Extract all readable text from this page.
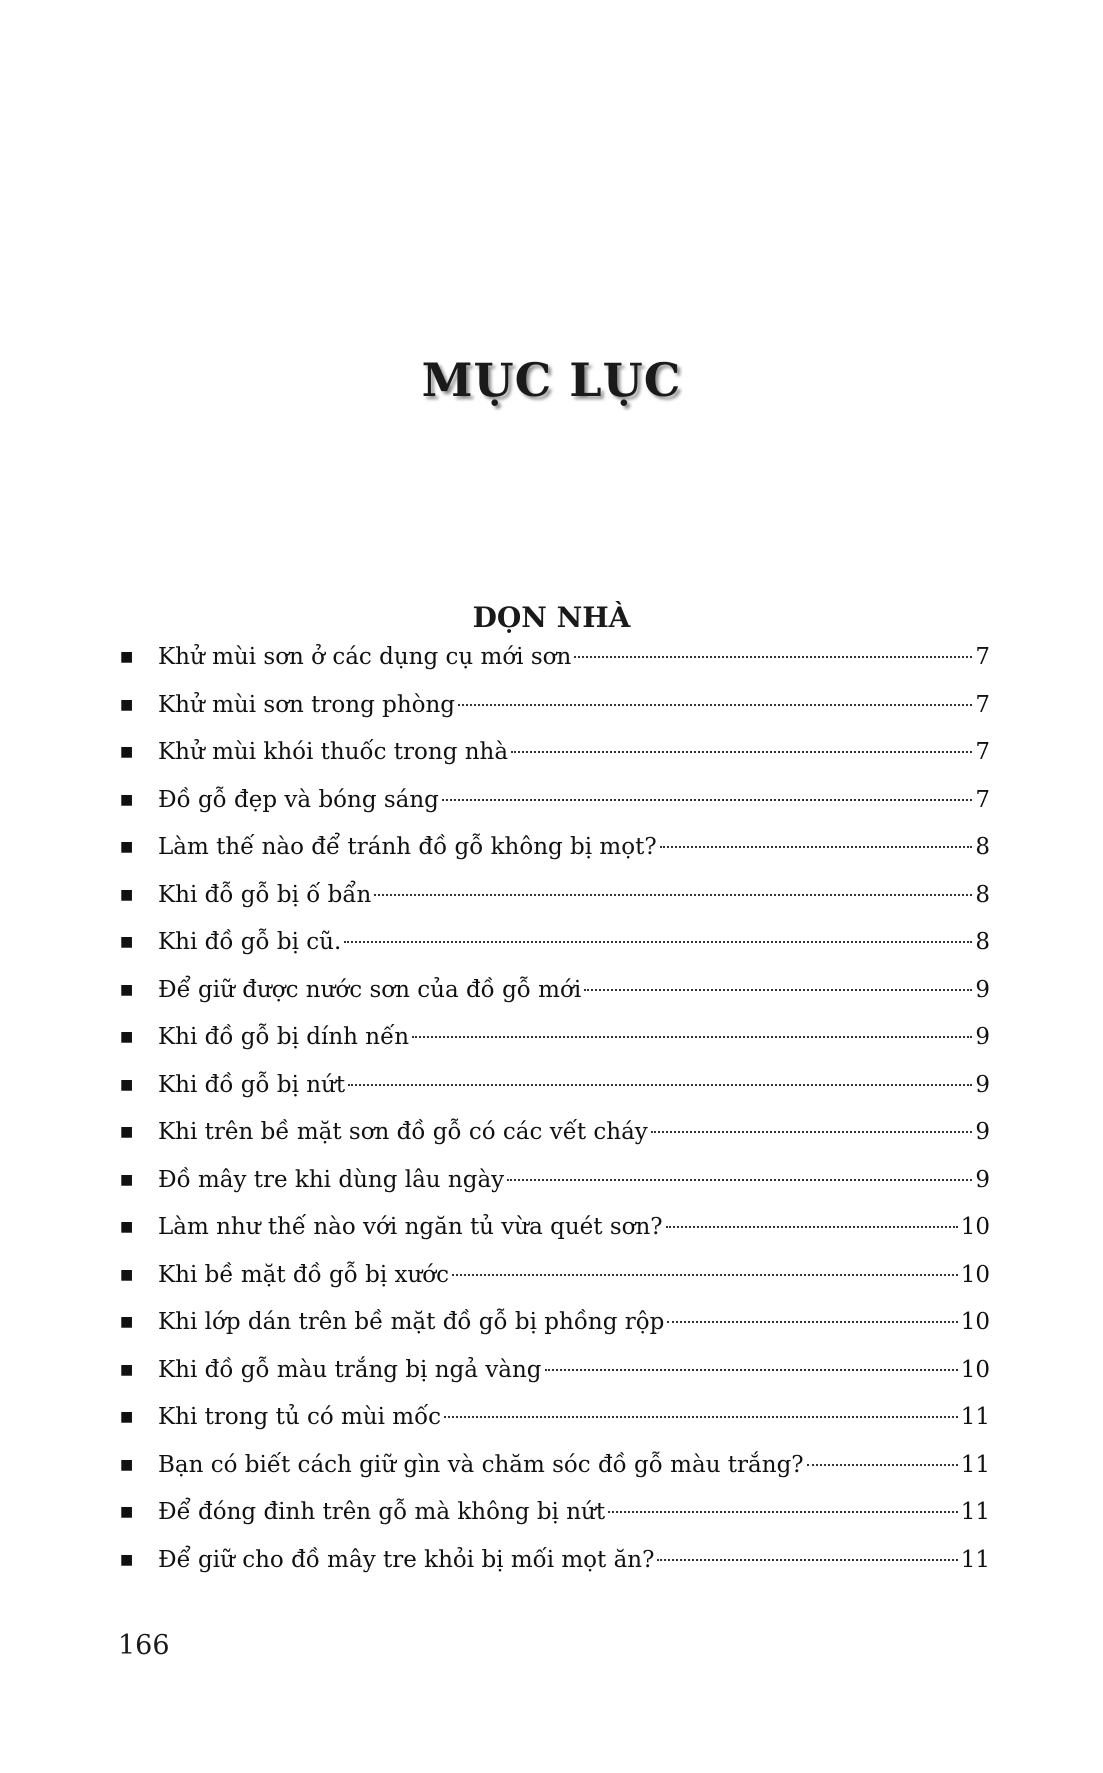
MỤC LỤC
DỌN NHÀ
■	Khử mùi sơn ở các dụng cụ mới sơn	7
■	Khử mùi sơn trong phòng	7
■	Khử mùi khói thuốc trong nhà	7
■	Đồ gỗ đẹp và bóng sáng	7
■	Làm thế nào để tránh đồ gỗ không bị mọt?	8
■	Khi đỗ gỗ bị ố bẩn	8
■	Khi đồ gỗ bị cũ.	8
■	Để giữ được nước sơn của đồ gỗ mới	9
■	Khi đồ gỗ bị dính nến	9
■	Khi đồ gỗ bị nứt	9
■	Khi trên bề mặt sơn đồ gỗ có các vết cháy	9
■	Đồ mây tre khi dùng lâu ngày	9
■	Làm như thế nào với ngăn tủ vừa quét sơn?	10
■	Khi bề mặt đồ gỗ bị xước	10
■	Khi lớp dán trên bề mặt đồ gỗ bị phồng rộp	10
■	Khi đồ gỗ màu trắng bị ngả vàng	10
■	Khi trong tủ có mùi mốc	11
■	Bạn có biết cách giữ gìn và chăm sóc đồ gỗ màu trắng?	11
■	Để đóng đinh trên gỗ mà không bị nứt	11
■	Để giữ cho đồ mây tre khỏi bị mối mọt ăn?	11
166
